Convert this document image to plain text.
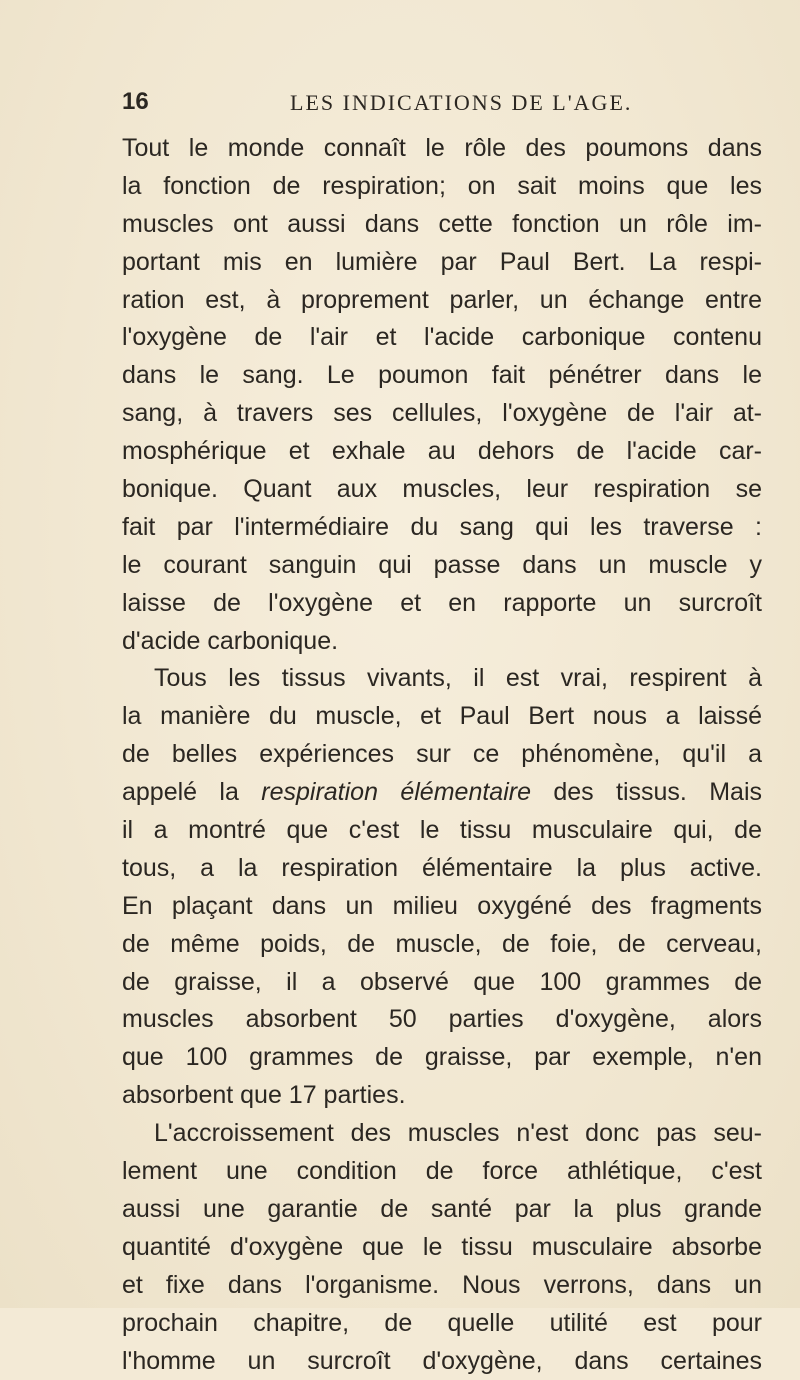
16	LES INDICATIONS DE L'AGE.
Tout le monde connaît le rôle des poumons dans
la fonction de respiration; on sait moins que les
muscles ont aussi dans cette fonction un rôle im-
portant mis en lumière par Paul Bert. La respi-
ration est, à proprement parler, un échange entre
l'oxygène de l'air et l'acide carbonique contenu
dans le sang. Le poumon fait pénétrer dans le
sang, à travers ses cellules, l'oxygène de l'air at-
mosphérique et exhale au dehors de l'acide car-
bonique. Quant aux muscles, leur respiration se
fait par l'intermédiaire du sang qui les traverse :
le courant sanguin qui passe dans un muscle y
laisse de l'oxygène et en rapporte un surcroît
d'acide carbonique.
Tous les tissus vivants, il est vrai, respirent à
la manière du muscle, et Paul Bert nous a laissé
de belles expériences sur ce phénomène, qu'il a
appelé la respiration élémentaire des tissus. Mais
il a montré que c'est le tissu musculaire qui, de
tous, a la respiration élémentaire la plus active.
En plaçant dans un milieu oxygéné des fragments
de même poids, de muscle, de foie, de cerveau,
de graisse, il a observé que 100 grammes de
muscles absorbent 50 parties d'oxygène, alors
que 100 grammes de graisse, par exemple, n'en
absorbent que 17 parties.
L'accroissement des muscles n'est donc pas seu-
lement une condition de force athlétique, c'est
aussi une garantie de santé par la plus grande
quantité d'oxygène que le tissu musculaire absorbe
et fixe dans l'organisme. Nous verrons, dans un
prochain chapitre, de quelle utilité est pour
l'homme un surcroît d'oxygène, dans certaines
